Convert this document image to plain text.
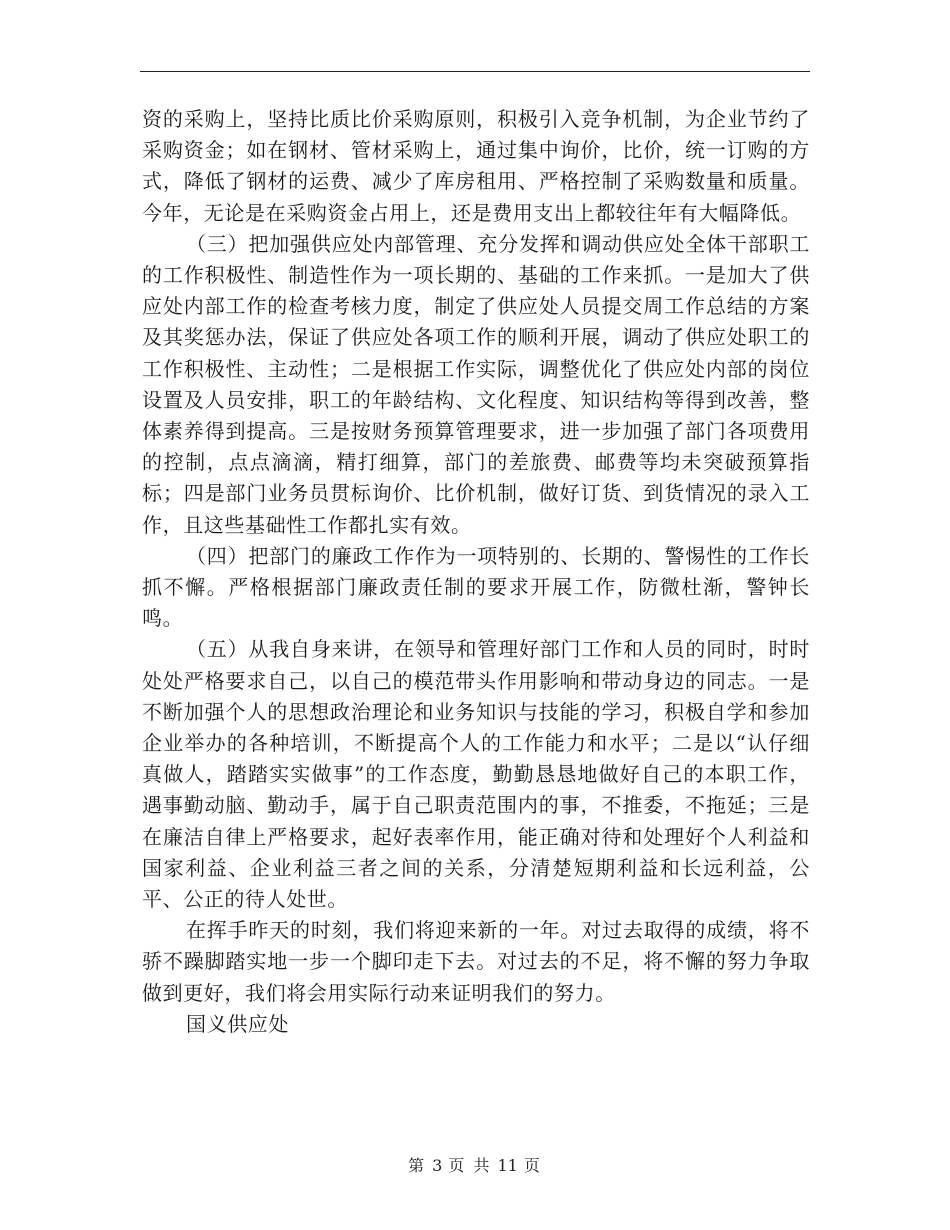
资的采购上，坚持比质比价采购原则，积极引入竞争机制，为企业节约了采购资金；如在钢材、管材采购上，通过集中询价，比价，统一订购的方式，降低了钢材的运费、减少了库房租用、严格控制了采购数量和质量。今年，无论是在采购资金占用上，还是费用支出上都较往年有大幅降低。

（三）把加强供应处内部管理、充分发挥和调动供应处全体干部职工的工作积极性、制造性作为一项长期的、基础的工作来抓。一是加大了供应处内部工作的检查考核力度，制定了供应处人员提交周工作总结的方案及其奖惩办法，保证了供应处各项工作的顺利开展，调动了供应处职工的工作积极性、主动性；二是根据工作实际，调整优化了供应处内部的岗位设置及人员安排，职工的年龄结构、文化程度、知识结构等得到改善，整体素养得到提高。三是按财务预算管理要求，进一步加强了部门各项费用的控制，点点滴滴，精打细算，部门的差旅费、邮费等均未突破预算指标；四是部门业务员贯标询价、比价机制，做好订货、到货情况的录入工作，且这些基础性工作都扎实有效。

（四）把部门的廉政工作作为一项特别的、长期的、警惕性的工作长抓不懈。严格根据部门廉政责任制的要求开展工作，防微杜渐，警钟长鸣。

（五）从我自身来讲，在领导和管理好部门工作和人员的同时，时时处处严格要求自己，以自己的模范带头作用影响和带动身边的同志。一是不断加强个人的思想政治理论和业务知识与技能的学习，积极自学和参加企业举办的各种培训，不断提高个人的工作能力和水平；二是以“认仔细真做人，踏踏实实做事”的工作态度，勤勤恳恳地做好自己的本职工作，遇事勤动脑、勤动手，属于自己职责范围内的事，不推委，不拖延；三是在廉洁自律上严格要求，起好表率作用，能正确对待和处理好个人利益和国家利益、企业利益三者之间的关系，分清楚短期利益和长远利益，公平、公正的待人处世。

在挥手昨天的时刻，我们将迎来新的一年。对过去取得的成绩，将不骄不躁脚踏实地一步一个脚印走下去。对过去的不足，将不懈的努力争取做到更好，我们将会用实际行动来证明我们的努力。

国义供应处

第 3 页 共 11 页
